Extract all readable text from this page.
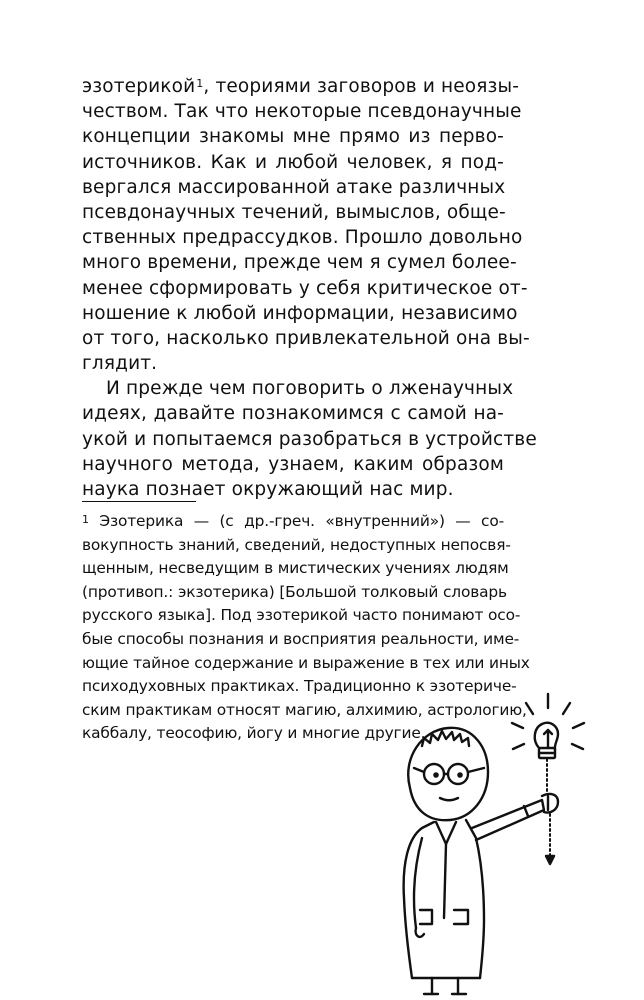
эзотерикой$^1$, теориями заговоров и неоязы-
чеством. Так что некоторые псевдонаучные
концепции знакомы мне прямо из перво-
источников. Как и любой человек, я под-
вергался массированной атаке различных
псевдонаучных течений, вымыслов, обще-
ственных предрассудков. Прошло довольно
много времени, прежде чем я сумел более-
менее сформировать у себя критическое от-
ношение к любой информации, независимо
от того, насколько привлекательной она вы-
глядит.
И прежде чем поговорить о лженаучных
идеях, давайте познакомимся с самой на-
укой и попытаемся разобраться в устройстве
научного метода, узнаем, каким образом
наука познает окружающий нас мир.
1 Эзотерика — (с др.-греч. «внутренний») — со-
вокупность знаний, сведений, недоступных непосвя-
щенным, несведущим в мистических учениях людям
(противоп.: экзотерика) [Большой толковый словарь
русского языка]. Под эзотерикой часто понимают осо-
бые способы познания и восприятия реальности, име-
ющие тайное содержание и выражение в тех или иных
психодуховных практиках. Традиционно к эзотериче-
ским практикам относят магию, алхимию, астрологию,
каббалу, теософию, йогу и многие другие.
